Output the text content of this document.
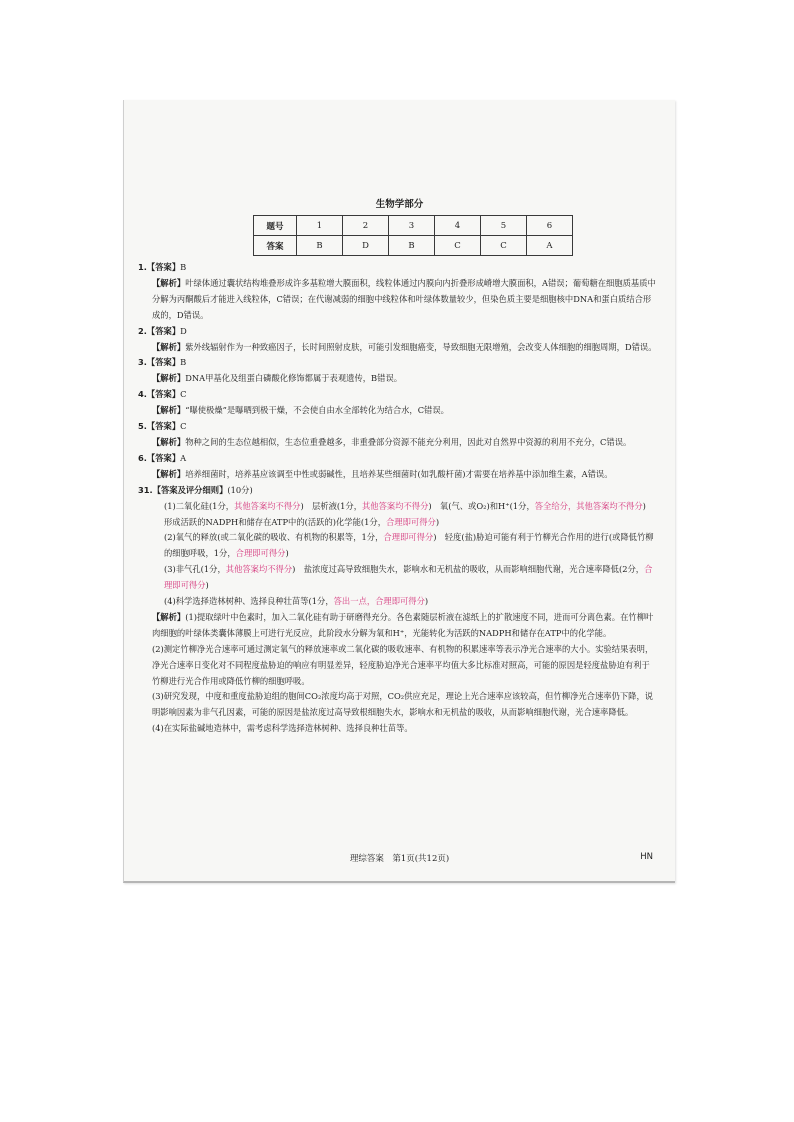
生物学部分
题号	1	2	3	4	5	6
答案	B	D	B	C	C	A

1.【答案】B

【解析】叶绿体通过囊状结构堆叠形成许多基粒增大膜面积，线粒体通过内膜向内折叠形成嵴增大膜面积，A错误；葡萄糖在细胞质基质中分解为丙酮酸后才能进入线粒体，C错误；在代谢减弱的细胞中线粒体和叶绿体数量较少，但染色质主要是细胞核中DNA和蛋白质结合形成的，D错误。

2.【答案】D

【解析】紫外线辐射作为一种致癌因子，长时间照射皮肤，可能引发细胞癌变，导致细胞无限增殖，会改变人体细胞的细胞周期，D错误。

3.【答案】B

【解析】DNA甲基化及组蛋白磷酸化修饰都属于表观遗传，B错误。

4.【答案】C

【解析】“曝使极燥”是曝晒到极干燥，不会使自由水全部转化为结合水，C错误。

5.【答案】C

【解析】物种之间的生态位越相似，生态位重叠越多，非重叠部分资源不能充分利用，因此对自然界中资源的利用不充分，C错误。

6.【答案】A

【解析】培养细菌时，培养基应该调至中性或弱碱性，且培养某些细菌时(如乳酸杆菌)才需要在培养基中添加维生素，A错误。

31.【答案及评分细则】(10分)

(1)二氧化硅(1分，其他答案均不得分)　层析液(1分，其他答案均不得分)　氧(气、或O₂)和H⁺(1分，答全给分，其他答案均不得分)　形成活跃的NADPH和储存在ATP中的(活跃的)化学能(1分，合理即可得分)

(2)氧气的释放(或二氧化碳的吸收、有机物的积累等，1分，合理即可得分)　轻度(盐)胁迫可能有利于竹柳光合作用的进行(或降低竹柳的细胞呼吸，1分，合理即可得分)

(3)非气孔(1分，其他答案均不得分)　盐浓度过高导致细胞失水，影响水和无机盐的吸收，从而影响细胞代谢，光合速率降低(2分，合理即可得分)

(4)科学选择造林树种、选择良种壮苗等(1分，答出一点，合理即可得分)

【解析】(1)提取绿叶中色素时，加入二氧化硅有助于研磨得充分。各色素随层析液在滤纸上的扩散速度不同，进而可分离色素。在竹柳叶肉细胞的叶绿体类囊体薄膜上可进行光反应，此阶段水分解为氧和H⁺，光能转化为活跃的NADPH和储存在ATP中的化学能。

(2)测定竹柳净光合速率可通过测定氧气的释放速率或二氧化碳的吸收速率、有机物的积累速率等表示净光合速率的大小。实验结果表明，净光合速率日变化对不同程度盐胁迫的响应有明显差异，轻度胁迫净光合速率平均值大多比标准对照高，可能的原因是轻度盐胁迫有利于竹柳进行光合作用或降低竹柳的细胞呼吸。

(3)研究发现，中度和重度盐胁迫组的胞间CO₂浓度均高于对照，CO₂供应充足，理论上光合速率应该较高，但竹柳净光合速率仍下降，说明影响因素为非气孔因素，可能的原因是盐浓度过高导致根细胞失水，影响水和无机盐的吸收，从而影响细胞代谢，光合速率降低。

(4)在实际盐碱地造林中，需考虑科学选择造林树种、选择良种壮苗等。

理综答案　第1页(共12页)	HN
